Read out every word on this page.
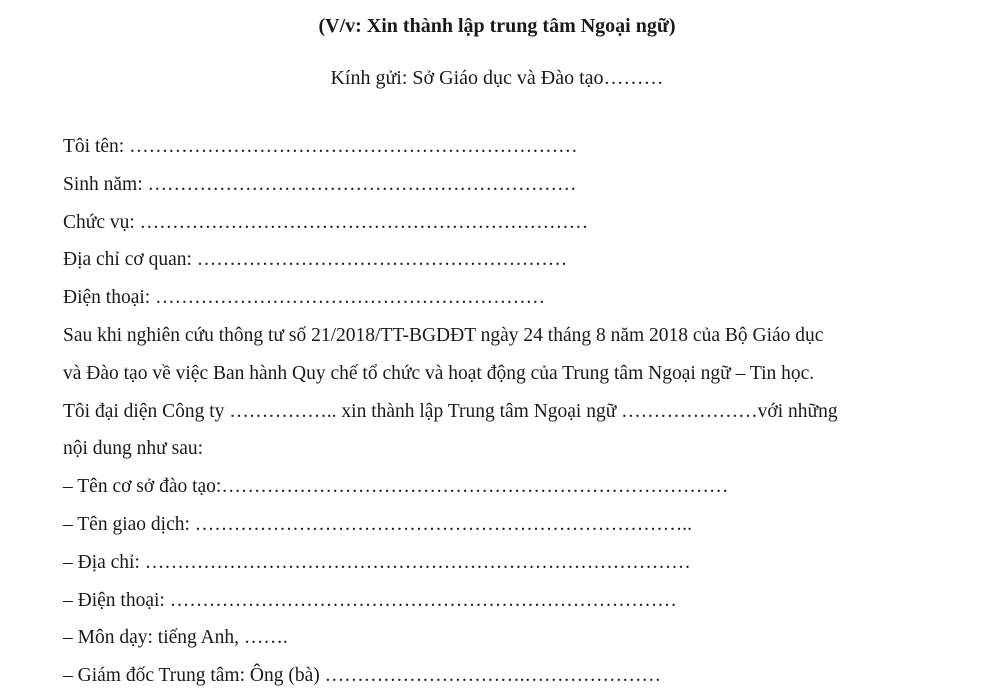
(V/v: Xin thành lập trung tâm Ngoại ngữ)
Kính gửi: Sở Giáo dục và Đào tạo………
Tôi tên: ……………………………………………………………
Sinh năm: …………………………………………………………
Chức vụ: ……………………………………………………………
Địa chỉ cơ quan: …………………………………………………
Điện thoại: ……………………………………………………
Sau khi nghiên cứu thông tư số 21/2018/TT-BGDĐT ngày 24 tháng 8 năm 2018 của Bộ Giáo dục
và Đào tạo về việc Ban hành Quy chế tổ chức và hoạt động của Trung tâm Ngoại ngữ – Tin học.
Tôi đại diện Công ty …………….. xin thành lập Trung tâm Ngoại ngữ …………………với những
nội dung như sau:
– Tên cơ sở đào tạo:……………………………………………………………………
– Tên giao dịch: …………………………………………………………………..
– Địa chỉ: …………………………………………………………………………
– Điện thoại: ……………………………………………………………………
– Môn dạy: tiếng Anh, …….
– Giám đốc Trung tâm: Ông (bà) ………………………….…………………
